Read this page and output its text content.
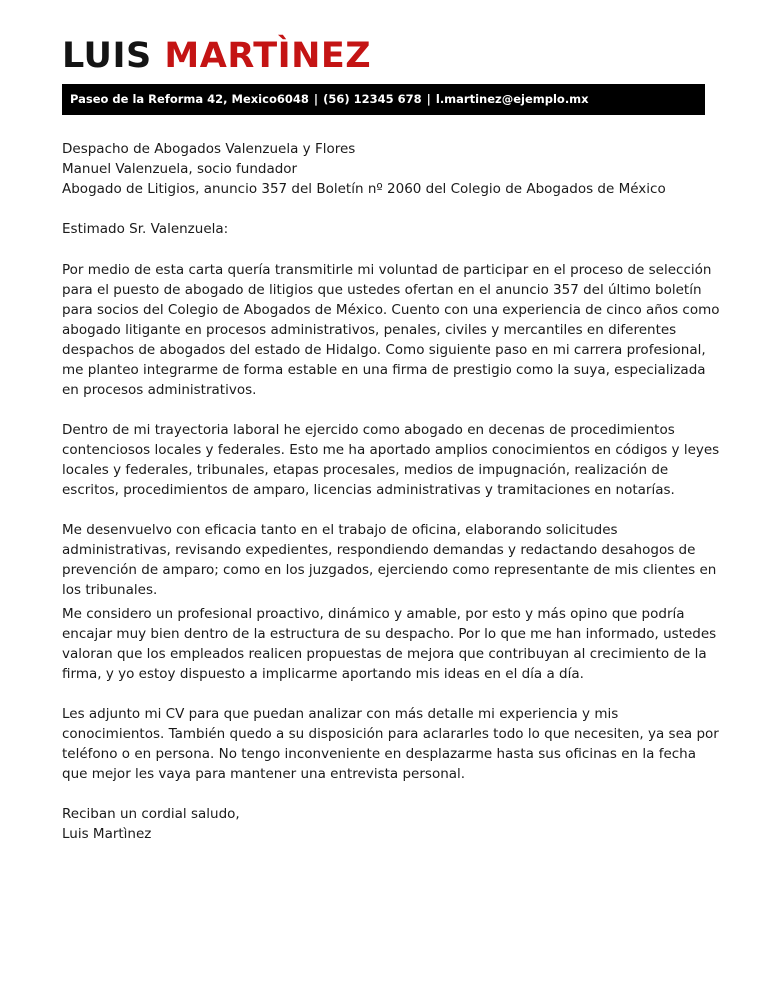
LUIS MARTÌNEZ
Paseo de la Reforma 42, Mexico6048 | (56) 12345 678 | l.martinez@ejemplo.mx

Despacho de Abogados Valenzuela y Flores
Manuel Valenzuela, socio fundador
Abogado de Litigios, anuncio 357 del Boletín nº 2060 del Colegio de Abogados de México

Estimado Sr. Valenzuela:

Por medio de esta carta quería transmitirle mi voluntad de participar en el proceso de selección para el puesto de abogado de litigios que ustedes ofertan en el anuncio 357 del último boletín para socios del Colegio de Abogados de México. Cuento con una experiencia de cinco años como abogado litigante en procesos administrativos, penales, civiles y mercantiles en diferentes despachos de abogados del estado de Hidalgo. Como siguiente paso en mi carrera profesional, me planteo integrarme de forma estable en una firma de prestigio como la suya, especializada en procesos administrativos.

Dentro de mi trayectoria laboral he ejercido como abogado en decenas de procedimientos contenciosos locales y federales. Esto me ha aportado amplios conocimientos en códigos y leyes locales y federales, tribunales, etapas procesales, medios de impugnación, realización de escritos, procedimientos de amparo, licencias administrativas y tramitaciones en notarías.

Me desenvuelvo con eficacia tanto en el trabajo de oficina, elaborando solicitudes administrativas, revisando expedientes, respondiendo demandas y redactando desahogos de prevención de amparo; como en los juzgados, ejerciendo como representante de mis clientes en los tribunales.

Me considero un profesional proactivo, dinámico y amable, por esto y más opino que podría encajar muy bien dentro de la estructura de su despacho. Por lo que me han informado, ustedes valoran que los empleados realicen propuestas de mejora que contribuyan al crecimiento de la firma, y yo estoy dispuesto a implicarme aportando mis ideas en el día a día.

Les adjunto mi CV para que puedan analizar con más detalle mi experiencia y mis conocimientos. También quedo a su disposición para aclararles todo lo que necesiten, ya sea por teléfono o en persona. No tengo inconveniente en desplazarme hasta sus oficinas en la fecha que mejor les vaya para mantener una entrevista personal.

Reciban un cordial saludo,
Luis Martìnez
